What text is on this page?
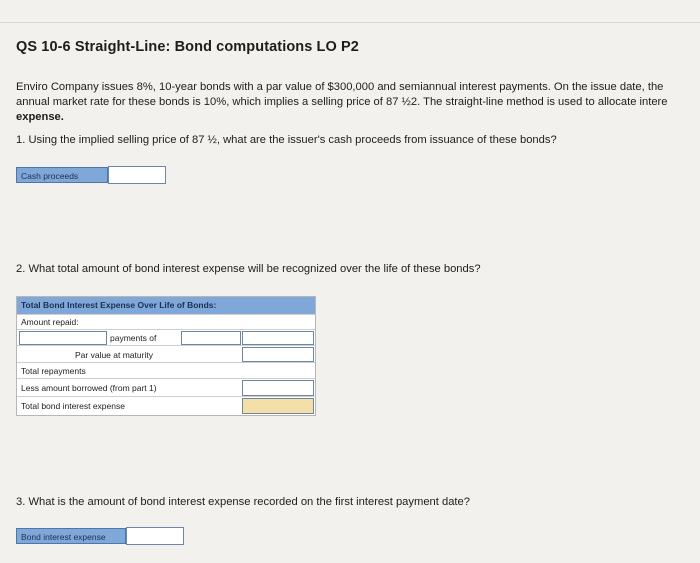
QS 10-6 Straight-Line: Bond computations LO P2
Enviro Company issues 8%, 10-year bonds with a par value of $300,000 and semiannual interest payments. On the issue date, the
annual market rate for these bonds is 10%, which implies a selling price of 87 ½2. The straight-line method is used to allocate intere
expense.
1. Using the implied selling price of 87 ½, what are the issuer's cash proceeds from issuance of these bonds?
Cash proceeds
2. What total amount of bond interest expense will be recognized over the life of these bonds?
Total Bond Interest Expense Over Life of Bonds:
Amount repaid:
payments of
Par value at maturity
Total repayments
Less amount borrowed (from part 1)
Total bond interest expense
3. What is the amount of bond interest expense recorded on the first interest payment date?
Bond interest expense
